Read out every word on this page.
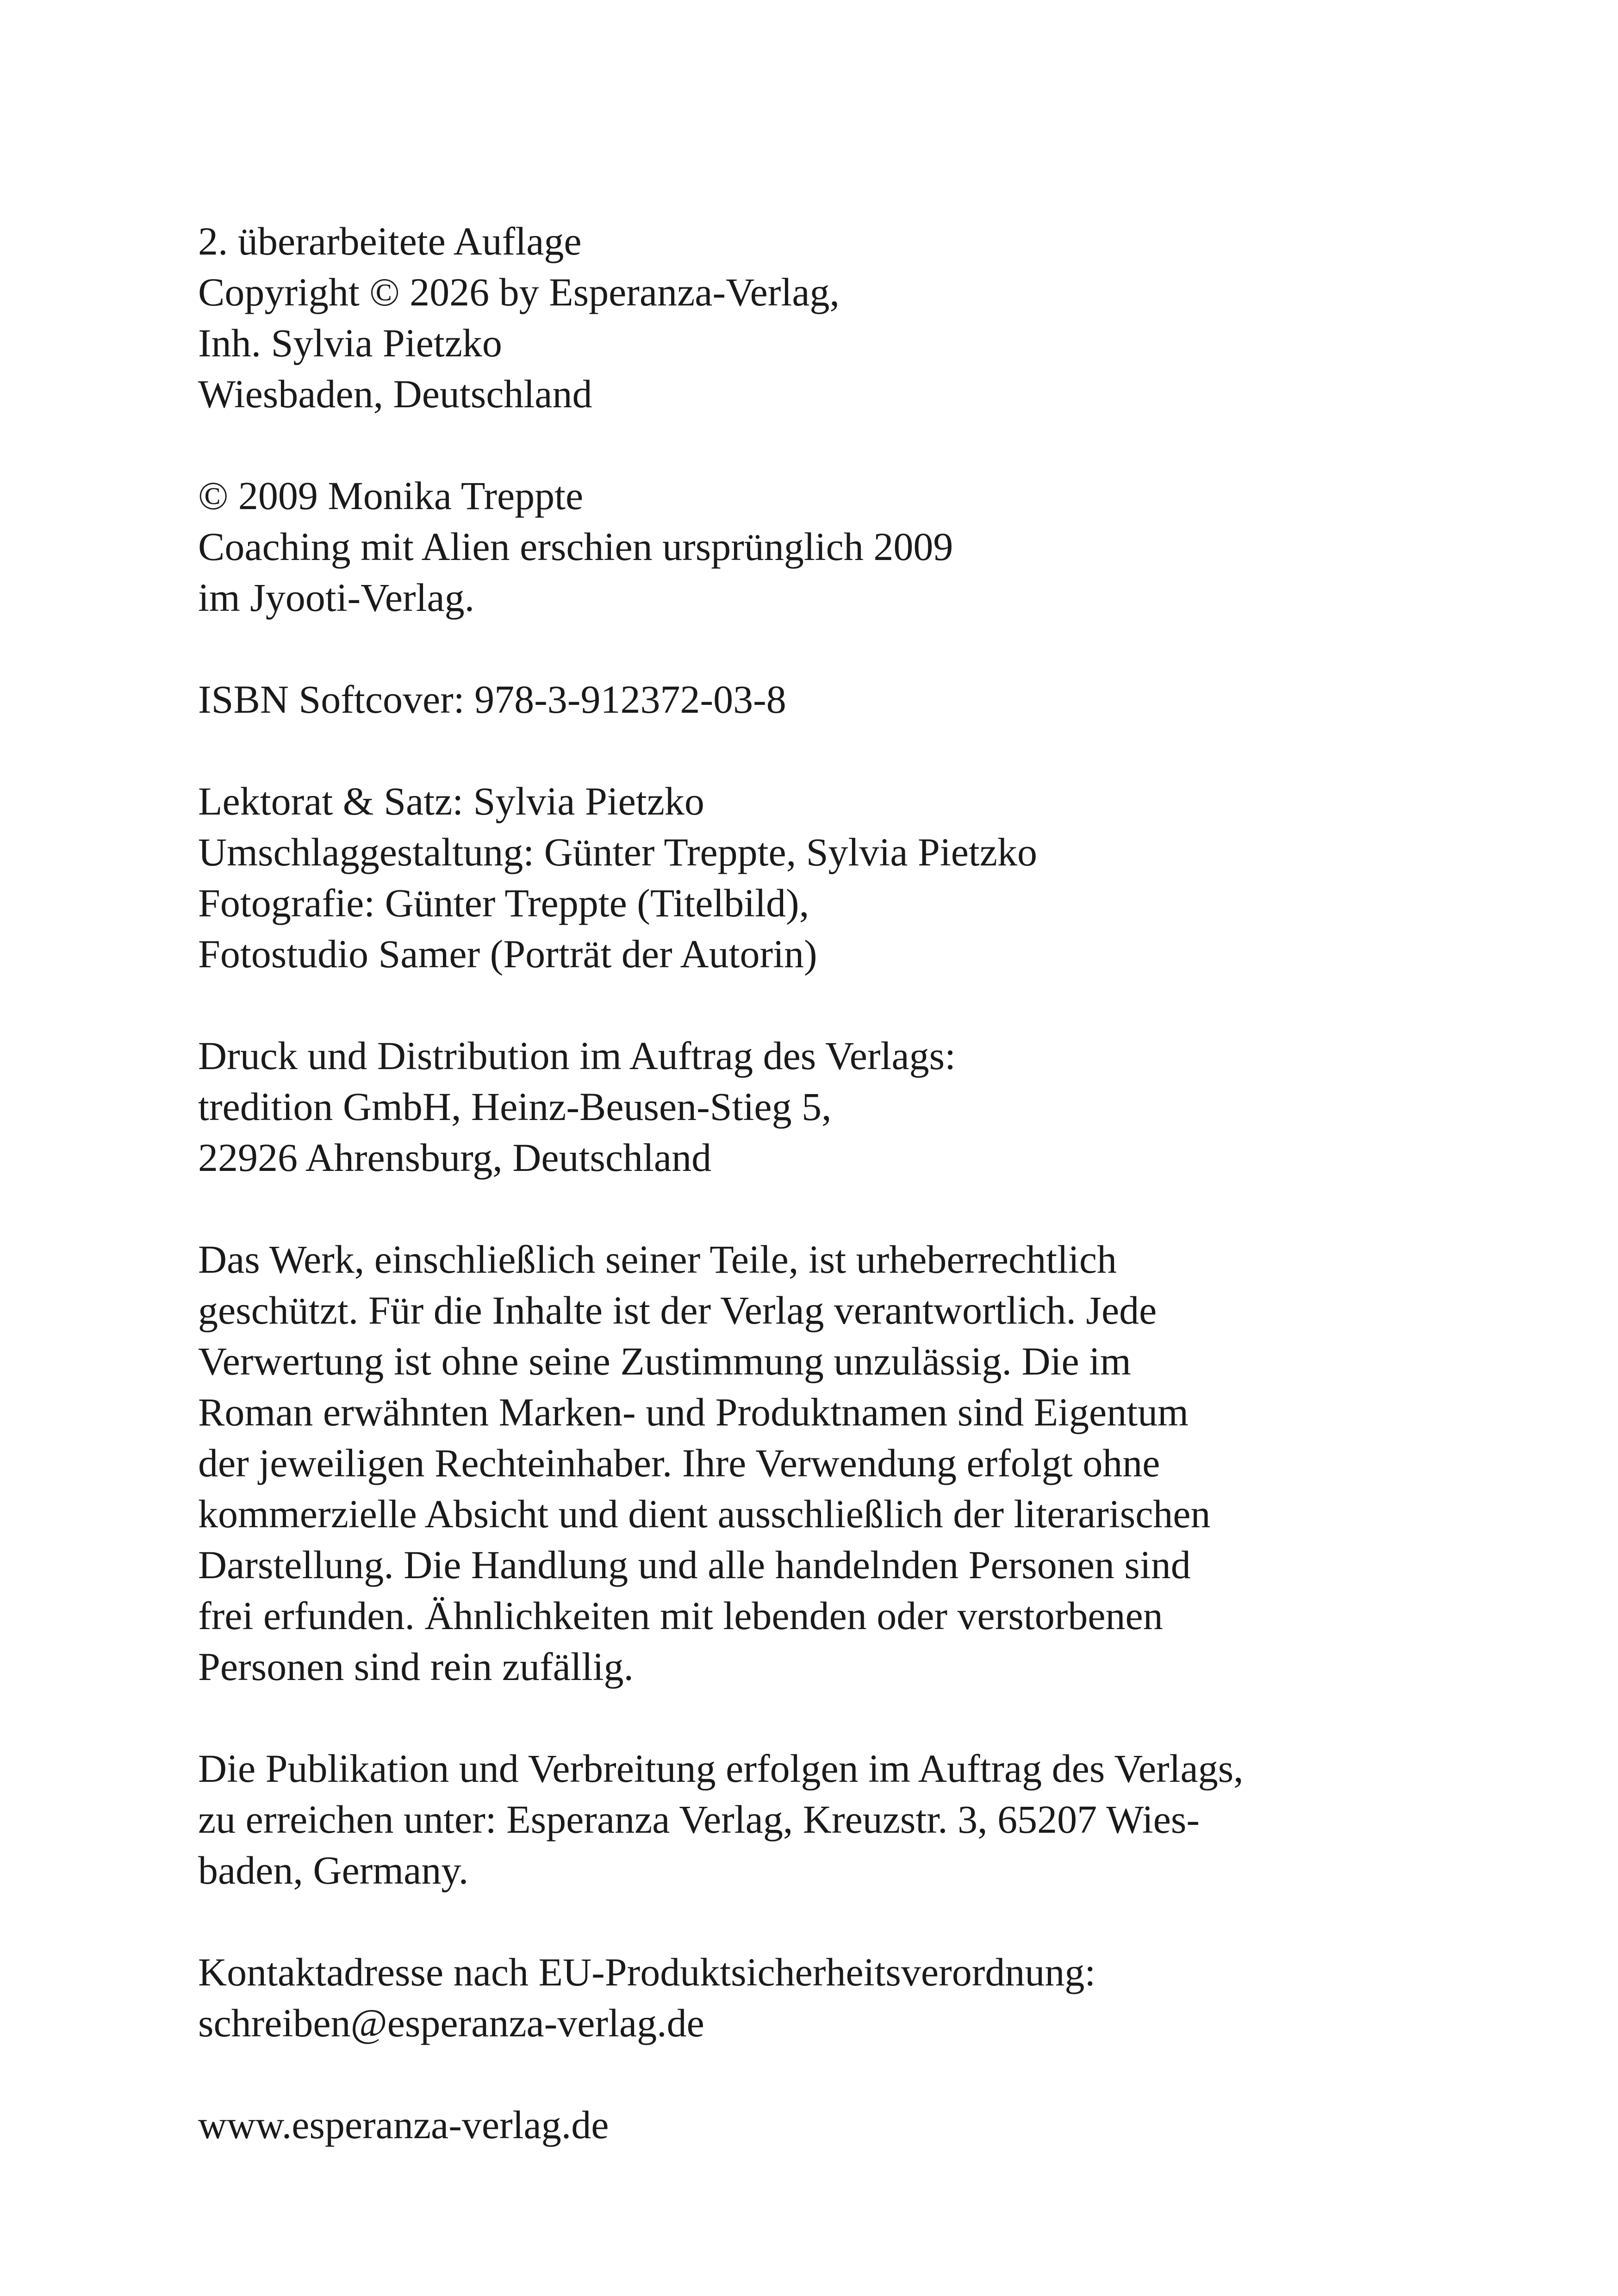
2. überarbeitete Auflage
Copyright © 2026 by Esperanza-Verlag,
Inh. Sylvia Pietzko
Wiesbaden, Deutschland
© 2009 Monika Treppte
Coaching mit Alien erschien ursprünglich 2009
im Jyooti-Verlag.
ISBN Softcover: 978-3-912372-03-8
Lektorat & Satz: Sylvia Pietzko
Umschlaggestaltung: Günter Treppte, Sylvia Pietzko
Fotografie: Günter Treppte (Titelbild),
Fotostudio Samer (Porträt der Autorin)
Druck und Distribution im Auftrag des Verlags:
tredition GmbH, Heinz-Beusen-Stieg 5,
22926 Ahrensburg, Deutschland
Das Werk, einschließlich seiner Teile, ist urheberrechtlich
geschützt. Für die Inhalte ist der Verlag verantwortlich. Jede
Verwertung ist ohne seine Zustimmung unzulässig. Die im
Roman erwähnten Marken- und Produktnamen sind Eigentum
der jeweiligen Rechteinhaber. Ihre Verwendung erfolgt ohne
kommerzielle Absicht und dient ausschließlich der literarischen
Darstellung. Die Handlung und alle handelnden Personen sind
frei erfunden. Ähnlichkeiten mit lebenden oder verstorbenen
Personen sind rein zufällig.
Die Publikation und Verbreitung erfolgen im Auftrag des Verlags,
zu erreichen unter: Esperanza Verlag, Kreuzstr. 3, 65207 Wies-
baden, Germany.
Kontaktadresse nach EU-Produktsicherheitsverordnung:
schreiben@esperanza-verlag.de
www.esperanza-verlag.de
